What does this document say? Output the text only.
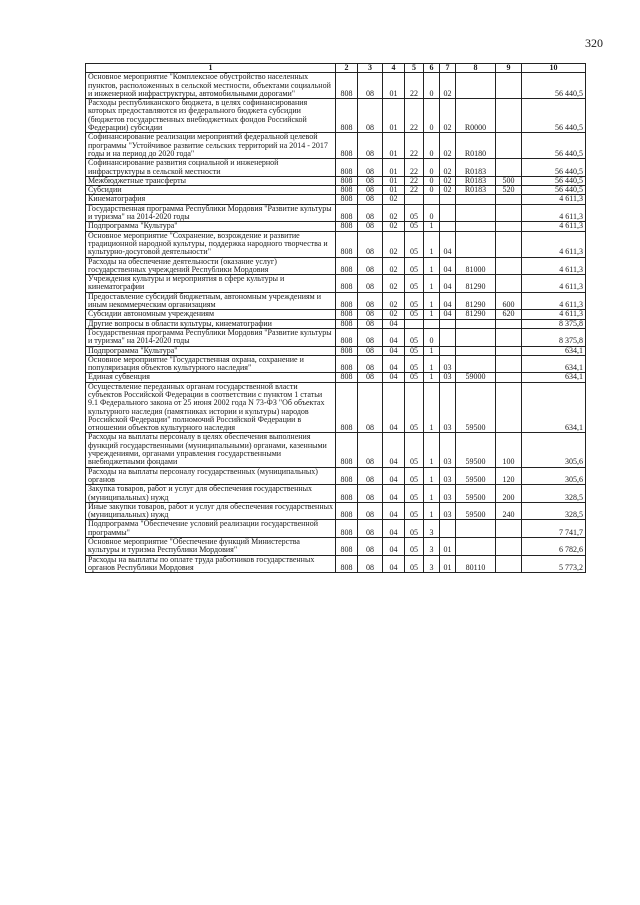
320
1	2	3	4	5	6	7	8	9	10
Основное мероприятие "Комплексное обустройство населенных пунктов, расположенных в сельской местности, объектами социальной и инженерной инфраструктуры, автомобильными дорогами"	808	08	01	22	0	02			56 440,5
Расходы республиканского бюджета, в целях софинансирования которых предоставляются из федерального бюджета субсидии (бюджетов государственных внебюджетных фондов Российской Федерации) субсидии	808	08	01	22	0	02	R0000		56 440,5
Софинансирование реализации мероприятий федеральной целевой программы "Устойчивое развитие сельских территорий на 2014 - 2017 годы и на период до 2020 года"	808	08	01	22	0	02	R0180		56 440,5
Софинансирование развития социальной и инженерной инфраструктуры в сельской местности	808	08	01	22	0	02	R0183		56 440,5
Межбюджетные трансферты	808	08	01	22	0	02	R0183	500	56 440,5
Субсидии	808	08	01	22	0	02	R0183	520	56 440,5
Кинематография	808	08	02						4 611,3
Государственная программа Республики Мордовия "Развитие культуры и туризма" на 2014-2020 годы	808	08	02	05	0				4 611,3
Подпрограмма "Культура"	808	08	02	05	1				4 611,3
Основное мероприятие "Сохранение, возрождение и развитие традиционной народной культуры, поддержка народного творчества и культурно-досуговой деятельности"	808	08	02	05	1	04			4 611,3
Расходы на обеспечение деятельности (оказание услуг) государственных учреждений Республики Мордовия	808	08	02	05	1	04	81000		4 611,3
Учреждения культуры и мероприятия в сфере культуры и кинематографии	808	08	02	05	1	04	81290		4 611,3
Предоставление субсидий бюджетным, автономным учреждениям и иным некоммерческим организациям	808	08	02	05	1	04	81290	600	4 611,3
Субсидии автономным учреждениям	808	08	02	05	1	04	81290	620	4 611,3
Другие вопросы в области культуры, кинематографии	808	08	04						8 375,8
Государственная программа Республики Мордовия "Развитие культуры и туризма" на 2014-2020 годы	808	08	04	05	0				8 375,8
Подпрограмма "Культура"	808	08	04	05	1				634,1
Основное мероприятие "Государственная охрана, сохранение и популяризация объектов культурного наследия"	808	08	04	05	1	03			634,1
Единая субвенция	808	08	04	05	1	03	59000		634,1
Осуществление переданных органам государственной власти субъектов Российской Федерации в соответствии с пунктом 1 статьи 9.1 Федерального закона от 25 июня 2002 года N 73-ФЗ "Об объектах культурного наследия (памятниках истории и культуры) народов Российской Федерации" полномочий Российской Федерации в отношении объектов культурного наследия	808	08	04	05	1	03	59500		634,1
Расходы на выплаты персоналу в целях обеспечения выполнения функций государственными (муниципальными) органами, казенными учреждениями, органами управления государственными внебюджетными фондами	808	08	04	05	1	03	59500	100	305,6
Расходы на выплаты персоналу государственных (муниципальных) органов	808	08	04	05	1	03	59500	120	305,6
Закупка товаров, работ и услуг для обеспечения государственных (муниципальных) нужд	808	08	04	05	1	03	59500	200	328,5
Иные закупки товаров, работ и услуг для обеспечения государственных (муниципальных) нужд	808	08	04	05	1	03	59500	240	328,5
Подпрограмма "Обеспечение условий реализации государственной программы"	808	08	04	05	3				7 741,7
Основное мероприятие "Обеспечение функций Министерства культуры и туризма Республики Мордовия"	808	08	04	05	3	01			6 782,6
Расходы на выплаты по оплате труда работников государственных органов Республики Мордовия	808	08	04	05	3	01	80110		5 773,2
